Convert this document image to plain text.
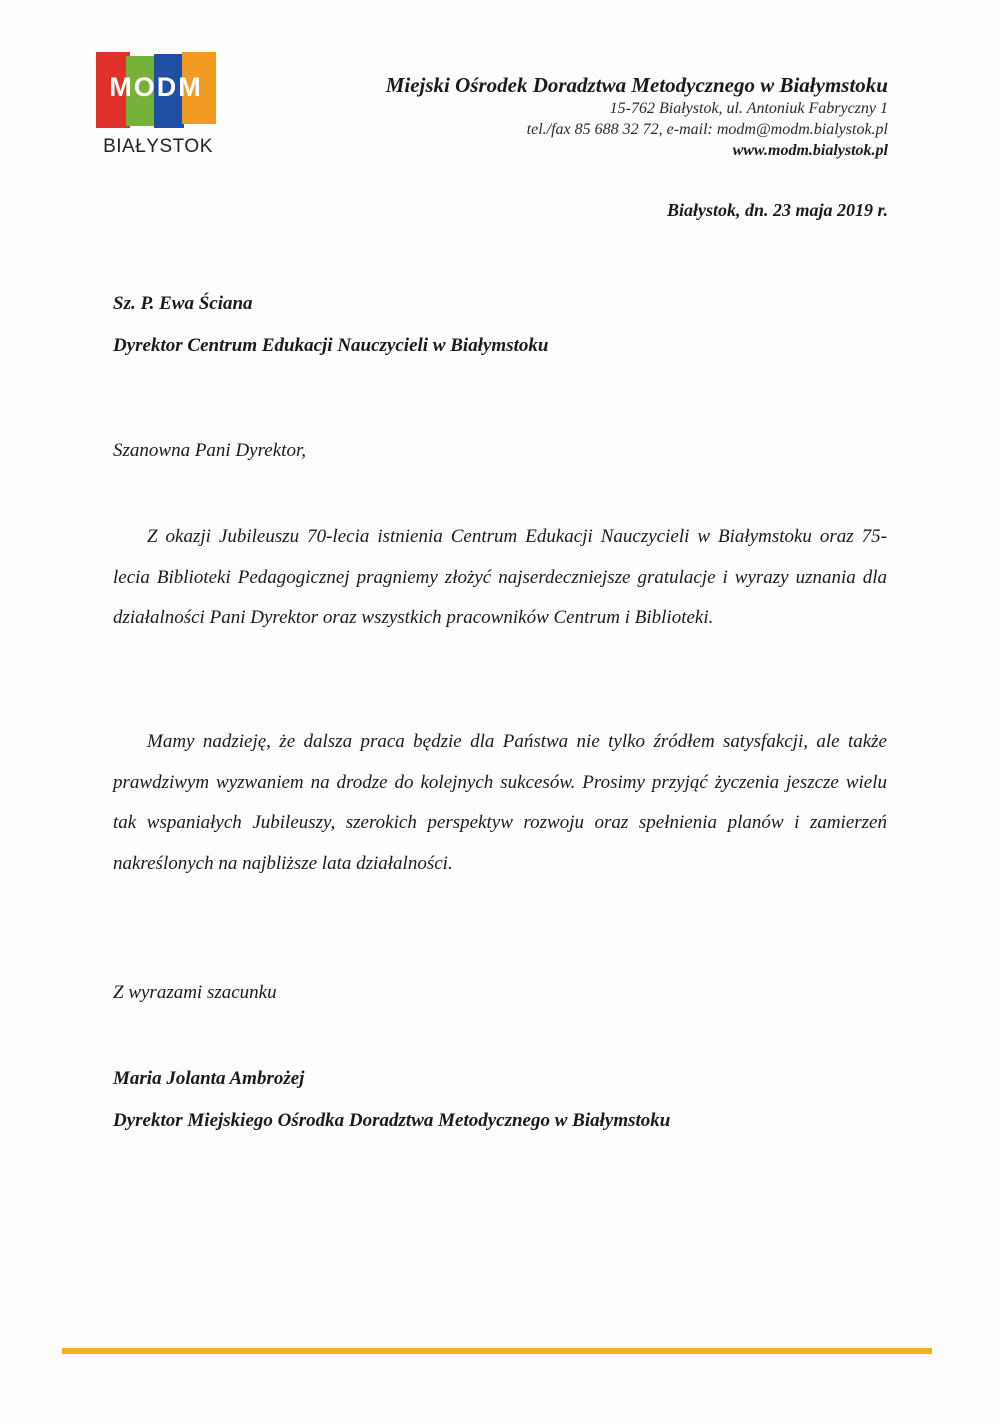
MODM
BIAŁYSTOK
Miejski Ośrodek Doradztwa Metodycznego w Białymstoku
15-762 Białystok, ul. Antoniuk Fabryczny 1
tel./fax 85 688 32 72, e-mail: modm@modm.bialystok.pl
www.modm.bialystok.pl
Białystok, dn. 23 maja 2019 r.
Sz. P. Ewa Ściana
Dyrektor Centrum Edukacji Nauczycieli w Białymstoku
Szanowna Pani Dyrektor,

Z okazji Jubileuszu 70-lecia istnienia Centrum Edukacji Nauczycieli w Białymstoku oraz 75-lecia Biblioteki Pedagogicznej pragniemy złożyć najserdeczniejsze gratulacje i wyrazy uznania dla działalności Pani Dyrektor oraz wszystkich pracowników Centrum i Biblioteki.

Mamy nadzieję, że dalsza praca będzie dla Państwa nie tylko źródłem satysfakcji, ale także prawdziwym wyzwaniem na drodze do kolejnych sukcesów. Prosimy przyjąć życzenia jeszcze wielu tak wspaniałych Jubileuszy, szerokich perspektyw rozwoju oraz spełnienia planów i zamierzeń nakreślonych na najbliższe lata działalności.

Z wyrazami szacunku
Maria Jolanta Ambrożej
Dyrektor Miejskiego Ośrodka Doradztwa Metodycznego w Białymstoku
